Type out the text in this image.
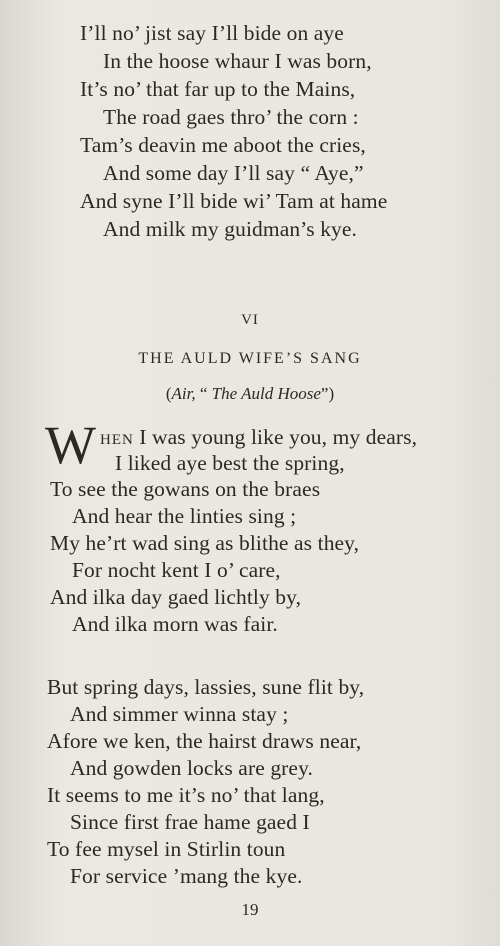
I’ll no’ jist say I’ll bide on aye
In the hoose whaur I was born,
It’s no’ that far up to the Mains,
The road gaes thro’ the corn :
Tam’s deavin me aboot the cries,
And some day I’ll say “ Aye,”
And syne I’ll bide wi’ Tam at hame
And milk my guidman’s kye.
VI
THE AULD WIFE’S SANG
(Air, “ The Auld Hoose”)
W HEN I was young like you, my dears,
I liked aye best the spring,
To see the gowans on the braes
And hear the linties sing ;
My he’rt wad sing as blithe as they,
For nocht kent I o’ care,
And ilka day gaed lichtly by,
And ilka morn was fair.
But spring days, lassies, sune flit by,
And simmer winna stay ;
Afore we ken, the hairst draws near,
And gowden locks are grey.
It seems to me it’s no’ that lang,
Since first frae hame gaed I
To fee mysel in Stirlin toun
For service ’mang the kye.
19
